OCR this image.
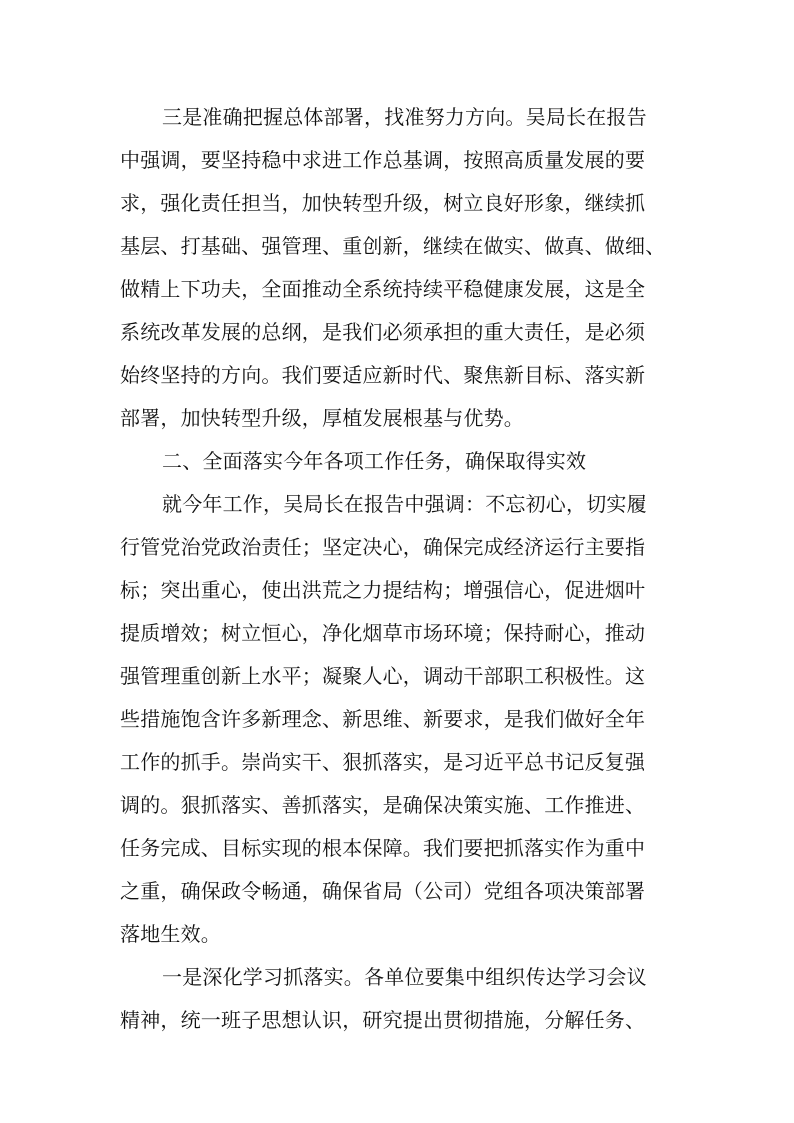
三是准确把握总体部署，找准努力方向。吴局长在报告
中强调，要坚持稳中求进工作总基调，按照高质量发展的要
求，强化责任担当，加快转型升级，树立良好形象，继续抓
基层、打基础、强管理、重创新，继续在做实、做真、做细、
做精上下功夫，全面推动全系统持续平稳健康发展，这是全
系统改革发展的总纲，是我们必须承担的重大责任，是必须
始终坚持的方向。我们要适应新时代、聚焦新目标、落实新
部署，加快转型升级，厚植发展根基与优势。
二、全面落实今年各项工作任务，确保取得实效
就今年工作，吴局长在报告中强调：不忘初心，切实履
行管党治党政治责任；坚定决心，确保完成经济运行主要指
标；突出重心，使出洪荒之力提结构；增强信心，促进烟叶
提质增效；树立恒心，净化烟草市场环境；保持耐心，推动
强管理重创新上水平；凝聚人心，调动干部职工积极性。这
些措施饱含许多新理念、新思维、新要求，是我们做好全年
工作的抓手。崇尚实干、狠抓落实，是习近平总书记反复强
调的。狠抓落实、善抓落实，是确保决策实施、工作推进、
任务完成、目标实现的根本保障。我们要把抓落实作为重中
之重，确保政令畅通，确保省局（公司）党组各项决策部署
落地生效。
一是深化学习抓落实。各单位要集中组织传达学习会议
精神，统一班子思想认识，研究提出贯彻措施，分解任务、
